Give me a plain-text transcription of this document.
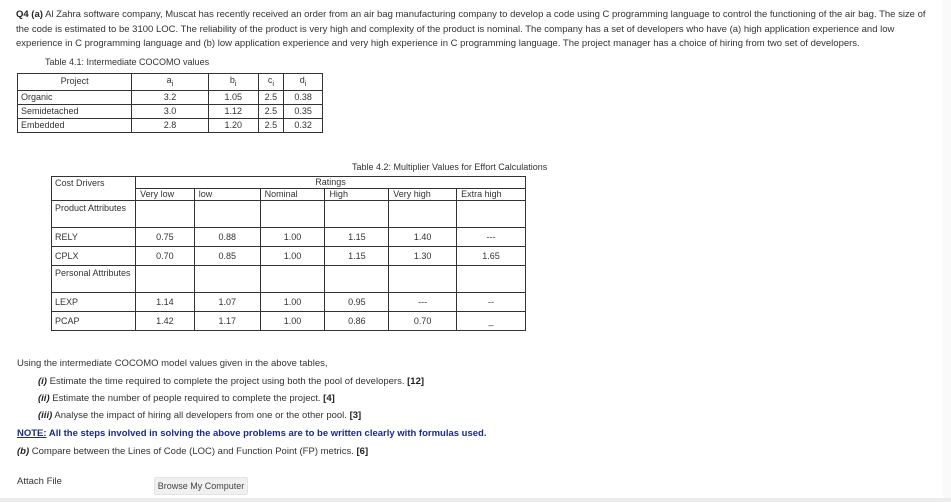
Q4 (a) Al Zahra software company, Muscat has recently received an order from an air bag manufacturing company to develop a code using C programming language to control the functioning of the air bag. The size of the code is estimated to be 3100 LOC. The reliability of the product is very high and complexity of the product is nominal. The company has a set of developers who have (a) high application experience and low experience in C programming language and (b) low application experience and very high experience in C programming language. The project manager has a choice of hiring from two set of developers.
Table 4.1: Intermediate COCOMO values
Project	$a_i$	$b_i$	$c_i$	$d_i$
Organic	3.2	1.05	2.5	0.38
Semidetached	3.0	1.12	2.5	0.35
Embedded	2.8	1.20	2.5	0.32
Table 4.2: Multiplier Values for Effort Calculations
Cost Drivers	Ratings					
	Very low	low	Nominal	High	Very high	Extra high
Product Attributes						
RELY	0.75	0.88	1.00	1.15	1.40	---
CPLX	0.70	0.85	1.00	1.15	1.30	1.65
Personal Attributes						
LEXP	1.14	1.07	1.00	0.95	---	--
PCAP	1.42	1.17	1.00	0.86	0.70	_
Using the intermediate COCOMO model values given in the above tables,
(i) Estimate the time required to complete the project using both the pool of developers. [12]
(ii) Estimate the number of people required to complete the project. [4]
(iii) Analyse the impact of hiring all developers from one or the other pool. [3]
NOTE: All the steps involved in solving the above problems are to be written clearly with formulas used.
(b) Compare between the Lines of Code (LOC) and Function Point (FP) metrics. [6]
Attach File	Browse My Computer
